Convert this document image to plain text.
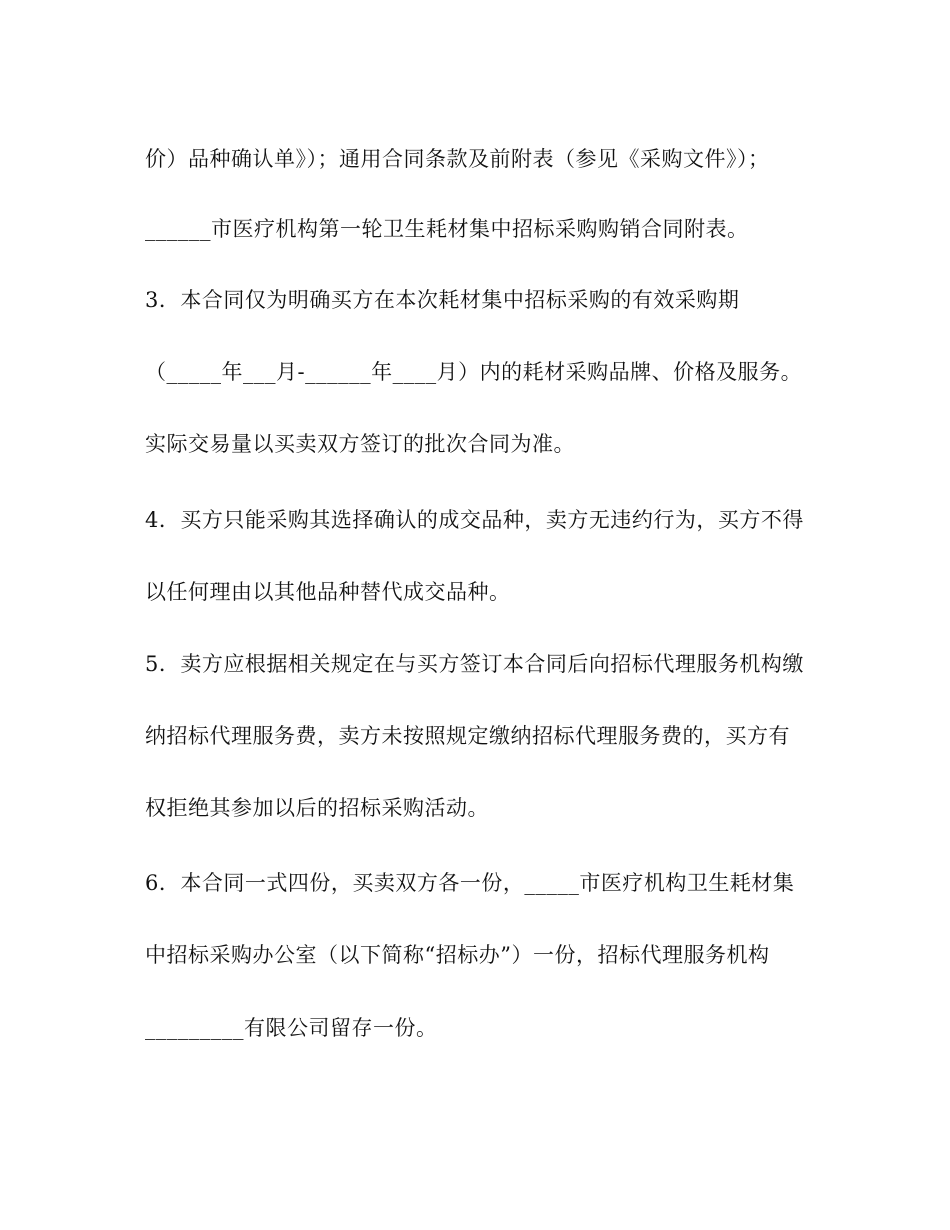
价）品种确认单》）；通用合同条款及前附表（参见《采购文件》）；
______市医疗机构第一轮卫生耗材集中招标采购购销合同附表。
3．本合同仅为明确买方在本次耗材集中招标采购的有效采购期
（_____年___月-______年____月）内的耗材采购品牌、价格及服务。
实际交易量以买卖双方签订的批次合同为准。
4．买方只能采购其选择确认的成交品种，卖方无违约行为，买方不得
以任何理由以其他品种替代成交品种。
5．卖方应根据相关规定在与买方签订本合同后向招标代理服务机构缴
纳招标代理服务费，卖方未按照规定缴纳招标代理服务费的，买方有
权拒绝其参加以后的招标采购活动。
6．本合同一式四份，买卖双方各一份，_____市医疗机构卫生耗材集
中招标采购办公室（以下简称“招标办”）一份，招标代理服务机构
_________有限公司留存一份。
